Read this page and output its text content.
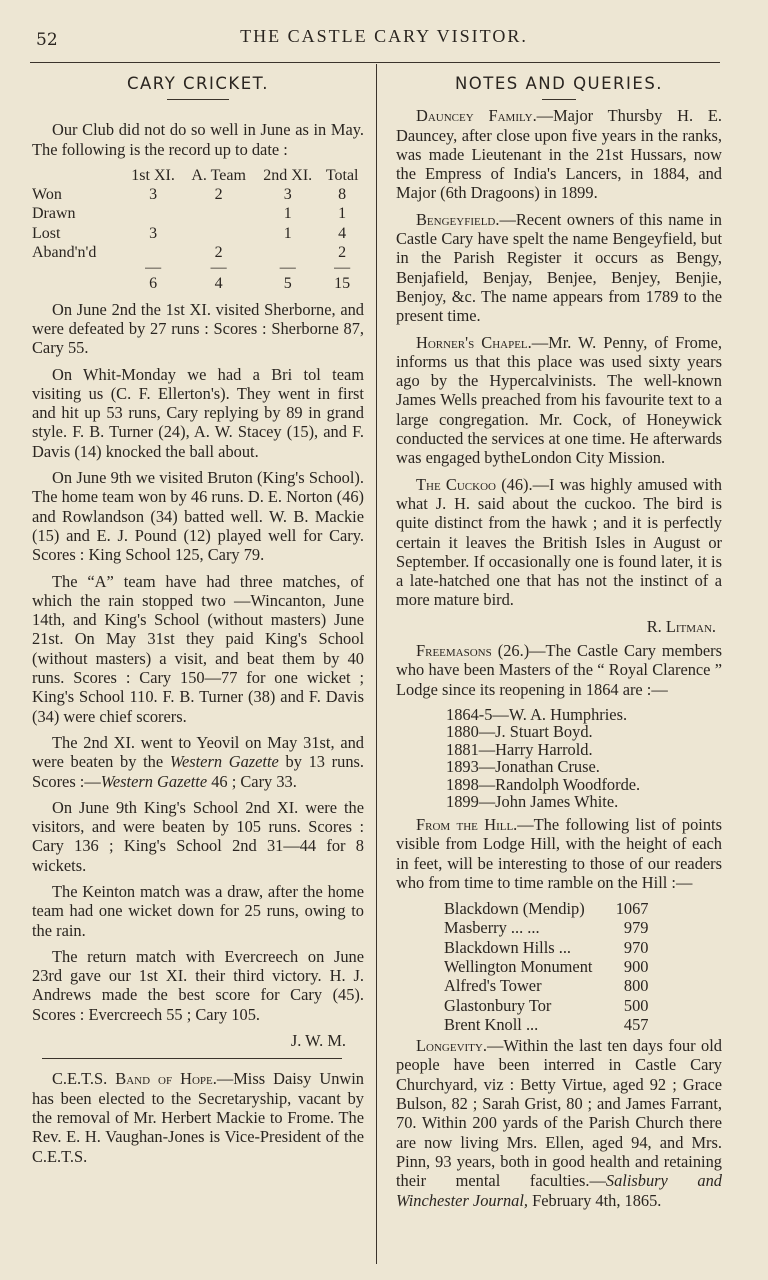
52	THE CASTLE CARY VISITOR.
CARY CRICKET.

Our Club did not do so well in June as in May. The following is the record up to date :

	1st XI.	A. Team	2nd XI.	Total
Won	3	2	3	8
Drawn			1	1
Lost	3		1	4
Aband'n'd		2		2
	—	—	—	—
	6	4	5	15

On June 2nd the 1st XI. visited Sherborne, and were defeated by 27 runs : Scores : Sherborne 87, Cary 55.

On Whit-Monday we had a Bri tol team visiting us (C. F. Ellerton's). They went in first and hit up 53 runs, Cary replying by 89 in grand style. F. B. Turner (24), A. W. Stacey (15), and F. Davis (14) knocked the ball about.

On June 9th we visited Bruton (King's School). The home team won by 46 runs. D. E. Norton (46) and Rowlandson (34) batted well. W. B. Mackie (15) and E. J. Pound (12) played well for Cary. Scores : King School 125, Cary 79.

The “A” team have had three matches, of which the rain stopped two —Wincanton, June 14th, and King's School (without masters) June 21st. On May 31st they paid King's School (without masters) a visit, and beat them by 40 runs. Scores : Cary 150—77 for one wicket ; King's School 110. F. B. Turner (38) and F. Davis (34) were chief scorers.

The 2nd XI. went to Yeovil on May 31st, and were beaten by the Western Gazette by 13 runs. Scores :—Western Gazette 46 ; Cary 33.

On June 9th King's School 2nd XI. were the visitors, and were beaten by 105 runs. Scores : Cary 136 ; King's School 2nd 31—44 for 8 wickets.

The Keinton match was a draw, after the home team had one wicket down for 25 runs, owing to the rain.

The return match with Evercreech on June 23rd gave our 1st XI. their third victory. H. J. Andrews made the best score for Cary (45). Scores : Evercreech 55 ; Cary 105.

J. W. M.

C.E.T.S. Band of Hope.—Miss Daisy Unwin has been elected to the Secretaryship, vacant by the removal of Mr. Herbert Mackie to Frome. The Rev. E. H. Vaughan-Jones is Vice-President of the C.E.T.S.

NOTES AND QUERIES.

Dauncey Family.—Major Thursby H. E. Dauncey, after close upon five years in the ranks, was made Lieutenant in the 21st Hussars, now the Empress of India's Lancers, in 1884, and Major (6th Dragoons) in 1899.

Bengeyfield.—Recent owners of this name in Castle Cary have spelt the name Bengeyfield, but in the Parish Register it occurs as Bengy, Benjafield, Benjay, Benjee, Benjey, Benjie, Benjoy, &c. The name appears from 1789 to the present time.

Horner's Chapel.—Mr. W. Penny, of Frome, informs us that this place was used sixty years ago by the Hypercalvinists. The well-known James Wells preached from his favourite text to a large congregation. Mr. Cock, of Honeywick conducted the services at one time. He afterwards was engaged bytheLondon City Mission.

The Cuckoo (46).—I was highly amused with what J. H. said about the cuckoo. The bird is quite distinct from the hawk ; and it is perfectly certain it leaves the British Isles in August or September. If occasionally one is found later, it is a late-hatched one that has not the instinct of a more mature bird.

R. Litman.

Freemasons (26.)—The Castle Cary members who have been Masters of the “ Royal Clarence ” Lodge since its reopening in 1864 are :—

1864-5—W. A. Humphries.
1880—J. Stuart Boyd.
1881—Harry Harrold.
1893—Jonathan Cruse.
1898—Randolph Woodforde.
1899—John James White.

From the Hill.—The following list of points visible from Lodge Hill, with the height of each in feet, will be interesting to those of our readers who from time to time ramble on the Hill :—

Blackdown (Mendip)	1067
Masberry ... ...	979
Blackdown Hills ...	970
Wellington Monument	900
Alfred's Tower	800
Glastonbury Tor	500
Brent Knoll ...	457

Longevity.—Within the last ten days four old people have been interred in Castle Cary Churchyard, viz : Betty Virtue, aged 92 ; Grace Bulson, 82 ; Sarah Grist, 80 ; and James Farrant, 70. Within 200 yards of the Parish Church there are now living Mrs. Ellen, aged 94, and Mrs. Pinn, 93 years, both in good health and retaining their mental faculties.—Salisbury and Winchester Journal, February 4th, 1865.
